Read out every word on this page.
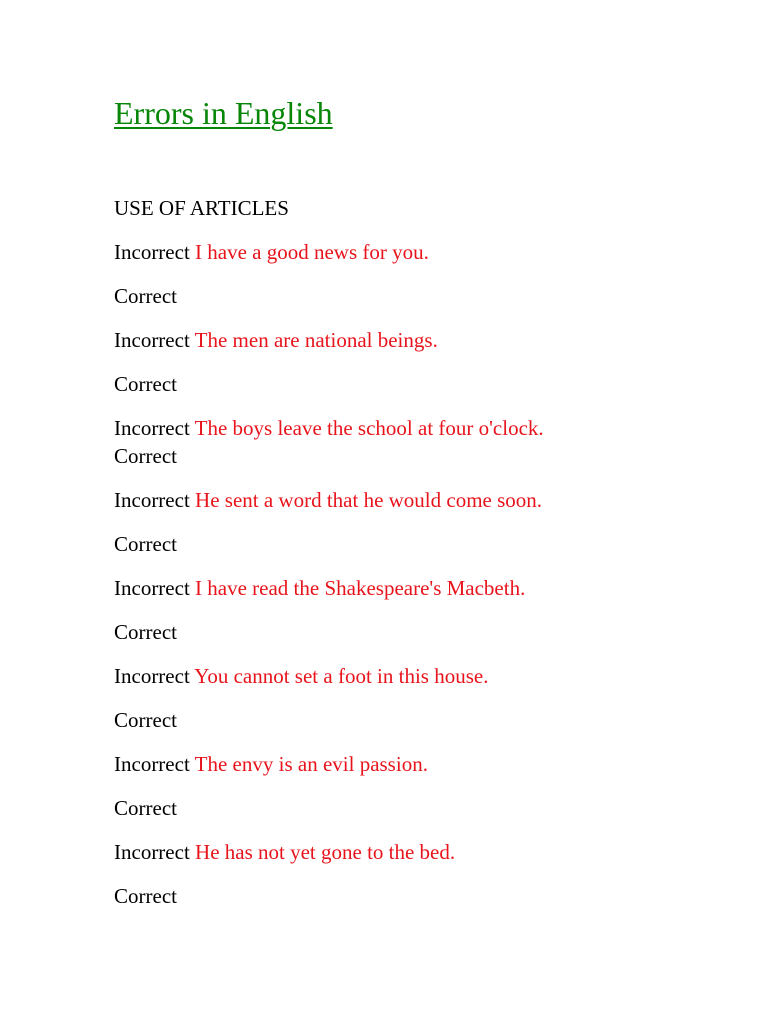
Errors in English

USE OF ARTICLES

Incorrect I have a good news for you.

Correct

Incorrect The men are national beings.

Correct

Incorrect The boys leave the school at four o'clock.

Correct

Incorrect He sent a word that he would come soon.

Correct

Incorrect I have read the Shakespeare's Macbeth.

Correct

Incorrect You cannot set a foot in this house.

Correct

Incorrect The envy is an evil passion.

Correct

Incorrect He has not yet gone to the bed.

Correct
